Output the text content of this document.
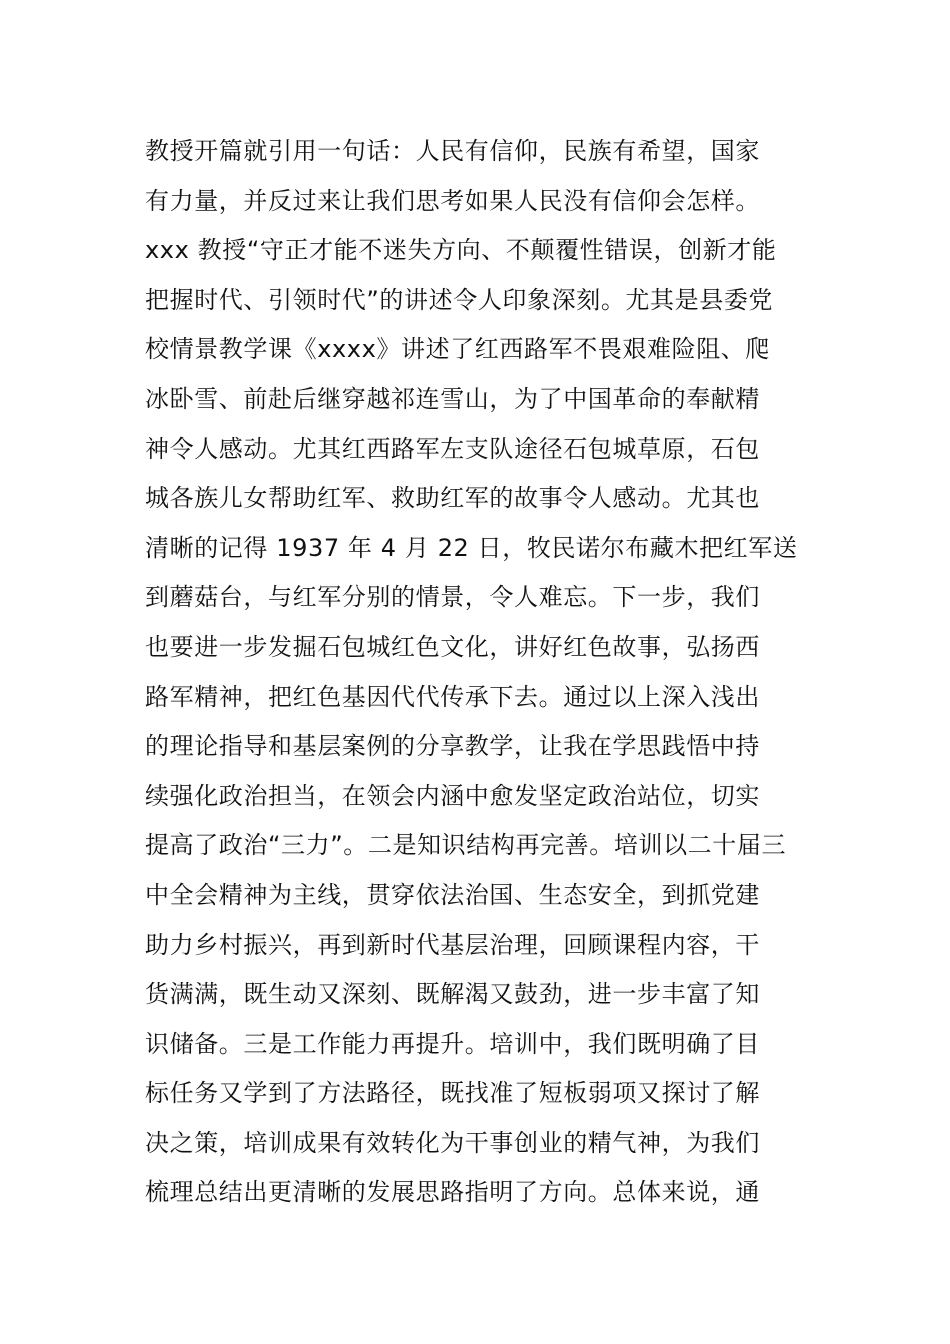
教授开篇就引用一句话：人民有信仰，民族有希望，国家
有力量，并反过来让我们思考如果人民没有信仰会怎样。
xxx 教授“守正才能不迷失方向、不颠覆性错误，创新才能
把握时代、引领时代”的讲述令人印象深刻。尤其是县委党
校情景教学课《xxxx》讲述了红西路军不畏艰难险阻、爬
冰卧雪、前赴后继穿越祁连雪山，为了中国革命的奉献精
神令人感动。尤其红西路军左支队途径石包城草原，石包
城各族儿女帮助红军、救助红军的故事令人感动。尤其也
清晰的记得 1937 年 4 月 22 日，牧民诺尔布藏木把红军送
到蘑菇台，与红军分别的情景，令人难忘。下一步，我们
也要进一步发掘石包城红色文化，讲好红色故事，弘扬西
路军精神，把红色基因代代传承下去。通过以上深入浅出
的理论指导和基层案例的分享教学，让我在学思践悟中持
续强化政治担当，在领会内涵中愈发坚定政治站位，切实
提高了政治“三力”。二是知识结构再完善。培训以二十届三
中全会精神为主线，贯穿依法治国、生态安全，到抓党建
助力乡村振兴，再到新时代基层治理，回顾课程内容，干
货满满，既生动又深刻、既解渴又鼓劲，进一步丰富了知
识储备。三是工作能力再提升。培训中，我们既明确了目
标任务又学到了方法路径，既找准了短板弱项又探讨了解
决之策，培训成果有效转化为干事创业的精气神，为我们
梳理总结出更清晰的发展思路指明了方向。总体来说，通
